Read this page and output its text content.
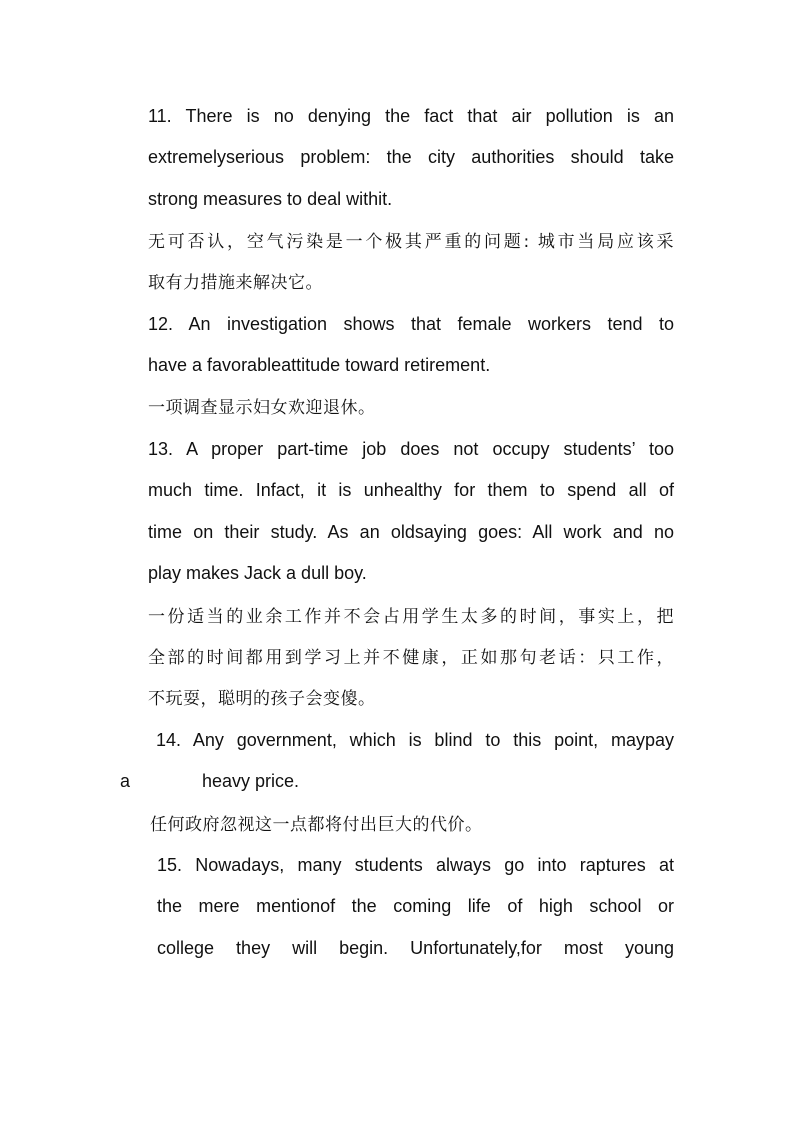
11. There is no denying the fact that air pollution is an

extremelyserious problem: the city authorities should take

strong measures to deal withit.

无可否认，空气污染是一个极其严重的问题: 城市当局应该采

取有力措施来解决它。

12. An investigation shows that female workers tend to

have a favorableattitude toward retirement.

一项调查显示妇女欢迎退休。

13. A proper part-time job does not occupy students’ too

much time. Infact, it is unhealthy for them to spend all of

time on their study. As an oldsaying goes: All work and no

play makes Jack a dull boy.

一份适当的业余工作并不会占用学生太多的时间，事实上，把

全部的时间都用到学习上并不健康，正如那句老话：只工作，

不玩耍，聪明的孩子会变傻。

14. Any government, which is blind to this point, maypay

a	heavy price.

任何政府忽视这一点都将付出巨大的代价。

15. Nowadays, many students always go into raptures at

the mere mentionof the coming life of high school or

college they will begin. Unfortunately,for most young
